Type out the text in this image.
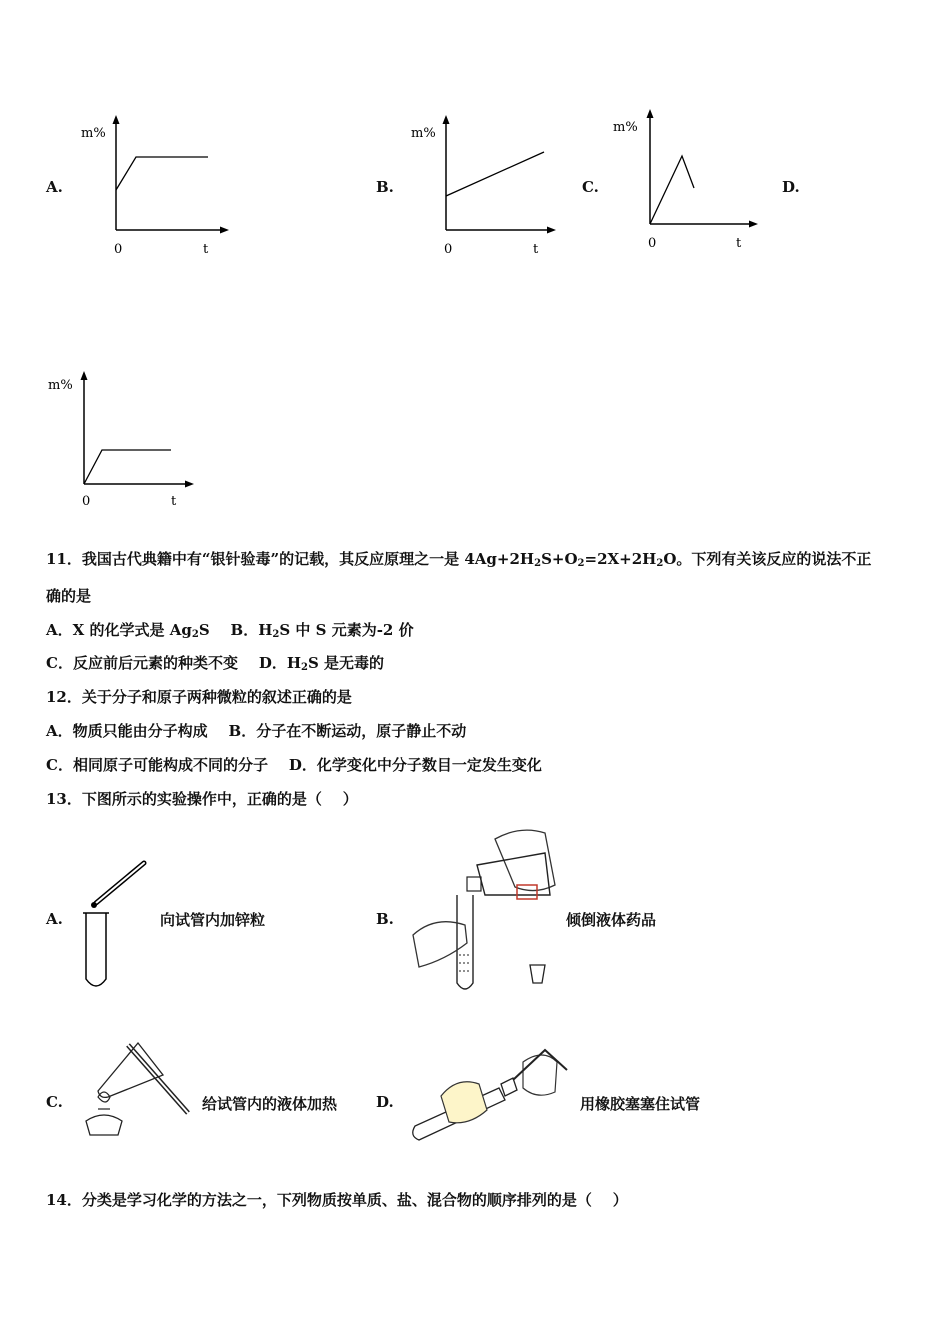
A.
m%
0	t
B.
m%
0	t
C.
m%
0	t
D.
m%
0	t
11．我国古代典籍中有“银针验毒”的记载，其反应原理之一是 $4Ag+2H_2S+O_2=2X+2H_2O$。下列有关该反应的说法不正
确的是
A．X 的化学式是 $Ag_2S$    B．$H_2S$ 中 S 元素为-2 价
C．反应前后元素的种类不变    D．$H_2S$ 是无毒的
12．关于分子和原子两种微粒的叙述正确的是
A．物质只能由分子构成    B．分子在不断运动，原子静止不动
C．相同原子可能构成不同的分子    D．化学变化中分子数目一定发生变化
13．下图所示的实验操作中，正确的是（    ）
A.	向试管内加锌粒	B.	倾倒液体药品
C.	给试管内的液体加热	D.	用橡胶塞塞住试管
14．分类是学习化学的方法之一，下列物质按单质、盐、混合物的顺序排列的是（    ）
